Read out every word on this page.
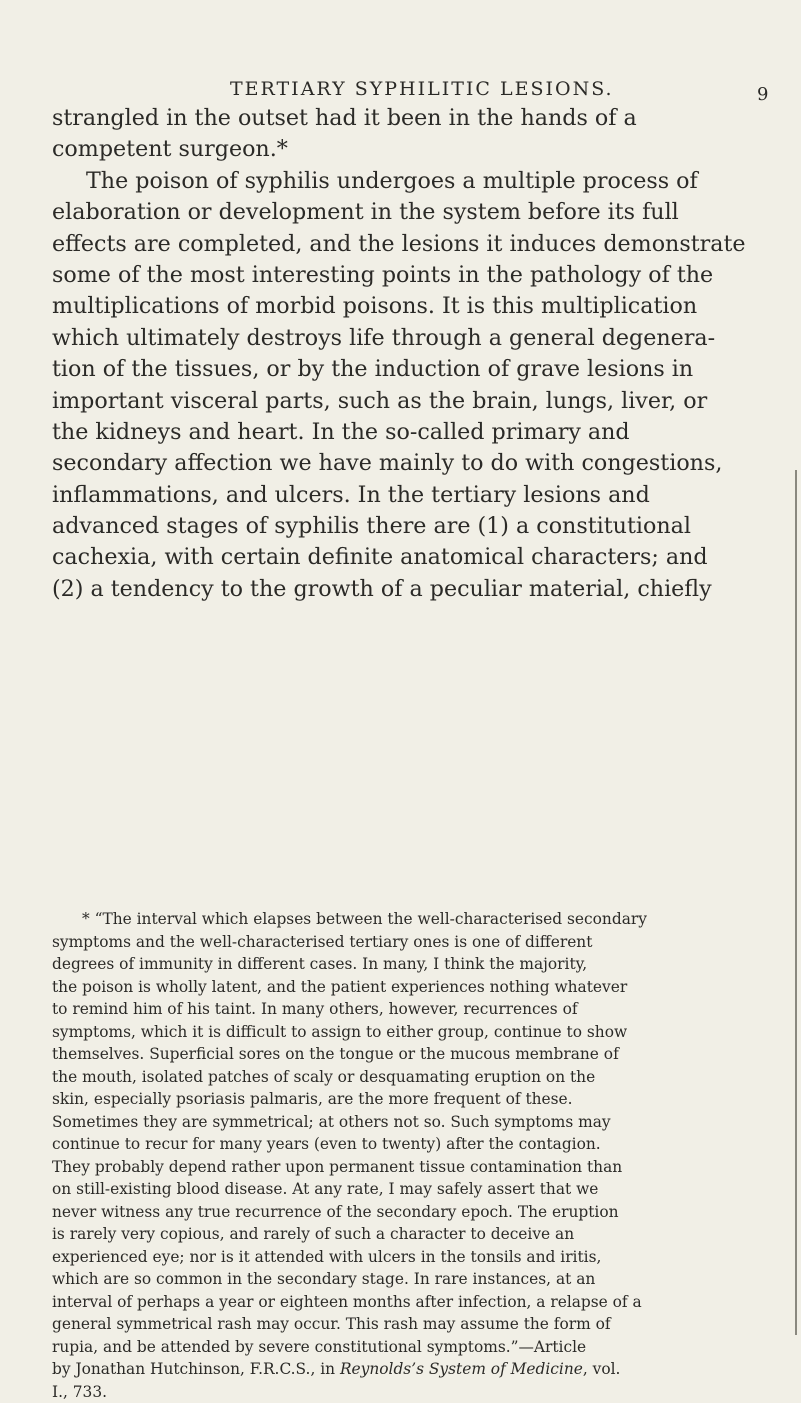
TERTIARY SYPHILITIC LESIONS.	9
strangled in the outset had it been in the hands of a
competent surgeon.*
The poison of syphilis undergoes a multiple process of
elaboration or development in the system before its full
effects are completed, and the lesions it induces demonstrate
some of the most interesting points in the pathology of the
multiplications of morbid poisons. It is this multiplication
which ultimately destroys life through a general degenera-
tion of the tissues, or by the induction of grave lesions in
important visceral parts, such as the brain, lungs, liver, or
the kidneys and heart. In the so-called primary and
secondary affection we have mainly to do with congestions,
inflammations, and ulcers. In the tertiary lesions and
advanced stages of syphilis there are (1) a constitutional
cachexia, with certain definite anatomical characters; and
(2) a tendency to the growth of a peculiar material, chiefly
* “The interval which elapses between the well-characterised secondary
symptoms and the well-characterised tertiary ones is one of different
degrees of immunity in different cases. In many, I think the majority,
the poison is wholly latent, and the patient experiences nothing whatever
to remind him of his taint. In many others, however, recurrences of
symptoms, which it is difficult to assign to either group, continue to show
themselves. Superficial sores on the tongue or the mucous membrane of
the mouth, isolated patches of scaly or desquamating eruption on the
skin, especially psoriasis palmaris, are the more frequent of these.
Sometimes they are symmetrical; at others not so. Such symptoms may
continue to recur for many years (even to twenty) after the contagion.
They probably depend rather upon permanent tissue contamination than
on still-existing blood disease. At any rate, I may safely assert that we
never witness any true recurrence of the secondary epoch. The eruption
is rarely very copious, and rarely of such a character to deceive an
experienced eye; nor is it attended with ulcers in the tonsils and iritis,
which are so common in the secondary stage. In rare instances, at an
interval of perhaps a year or eighteen months after infection, a relapse of a
general symmetrical rash may occur. This rash may assume the form of
rupia, and be attended by severe constitutional symptoms.”—Article
by Jonathan Hutchinson, F.R.C.S., in Reynolds’s System of Medicine, vol.
I., 733.
